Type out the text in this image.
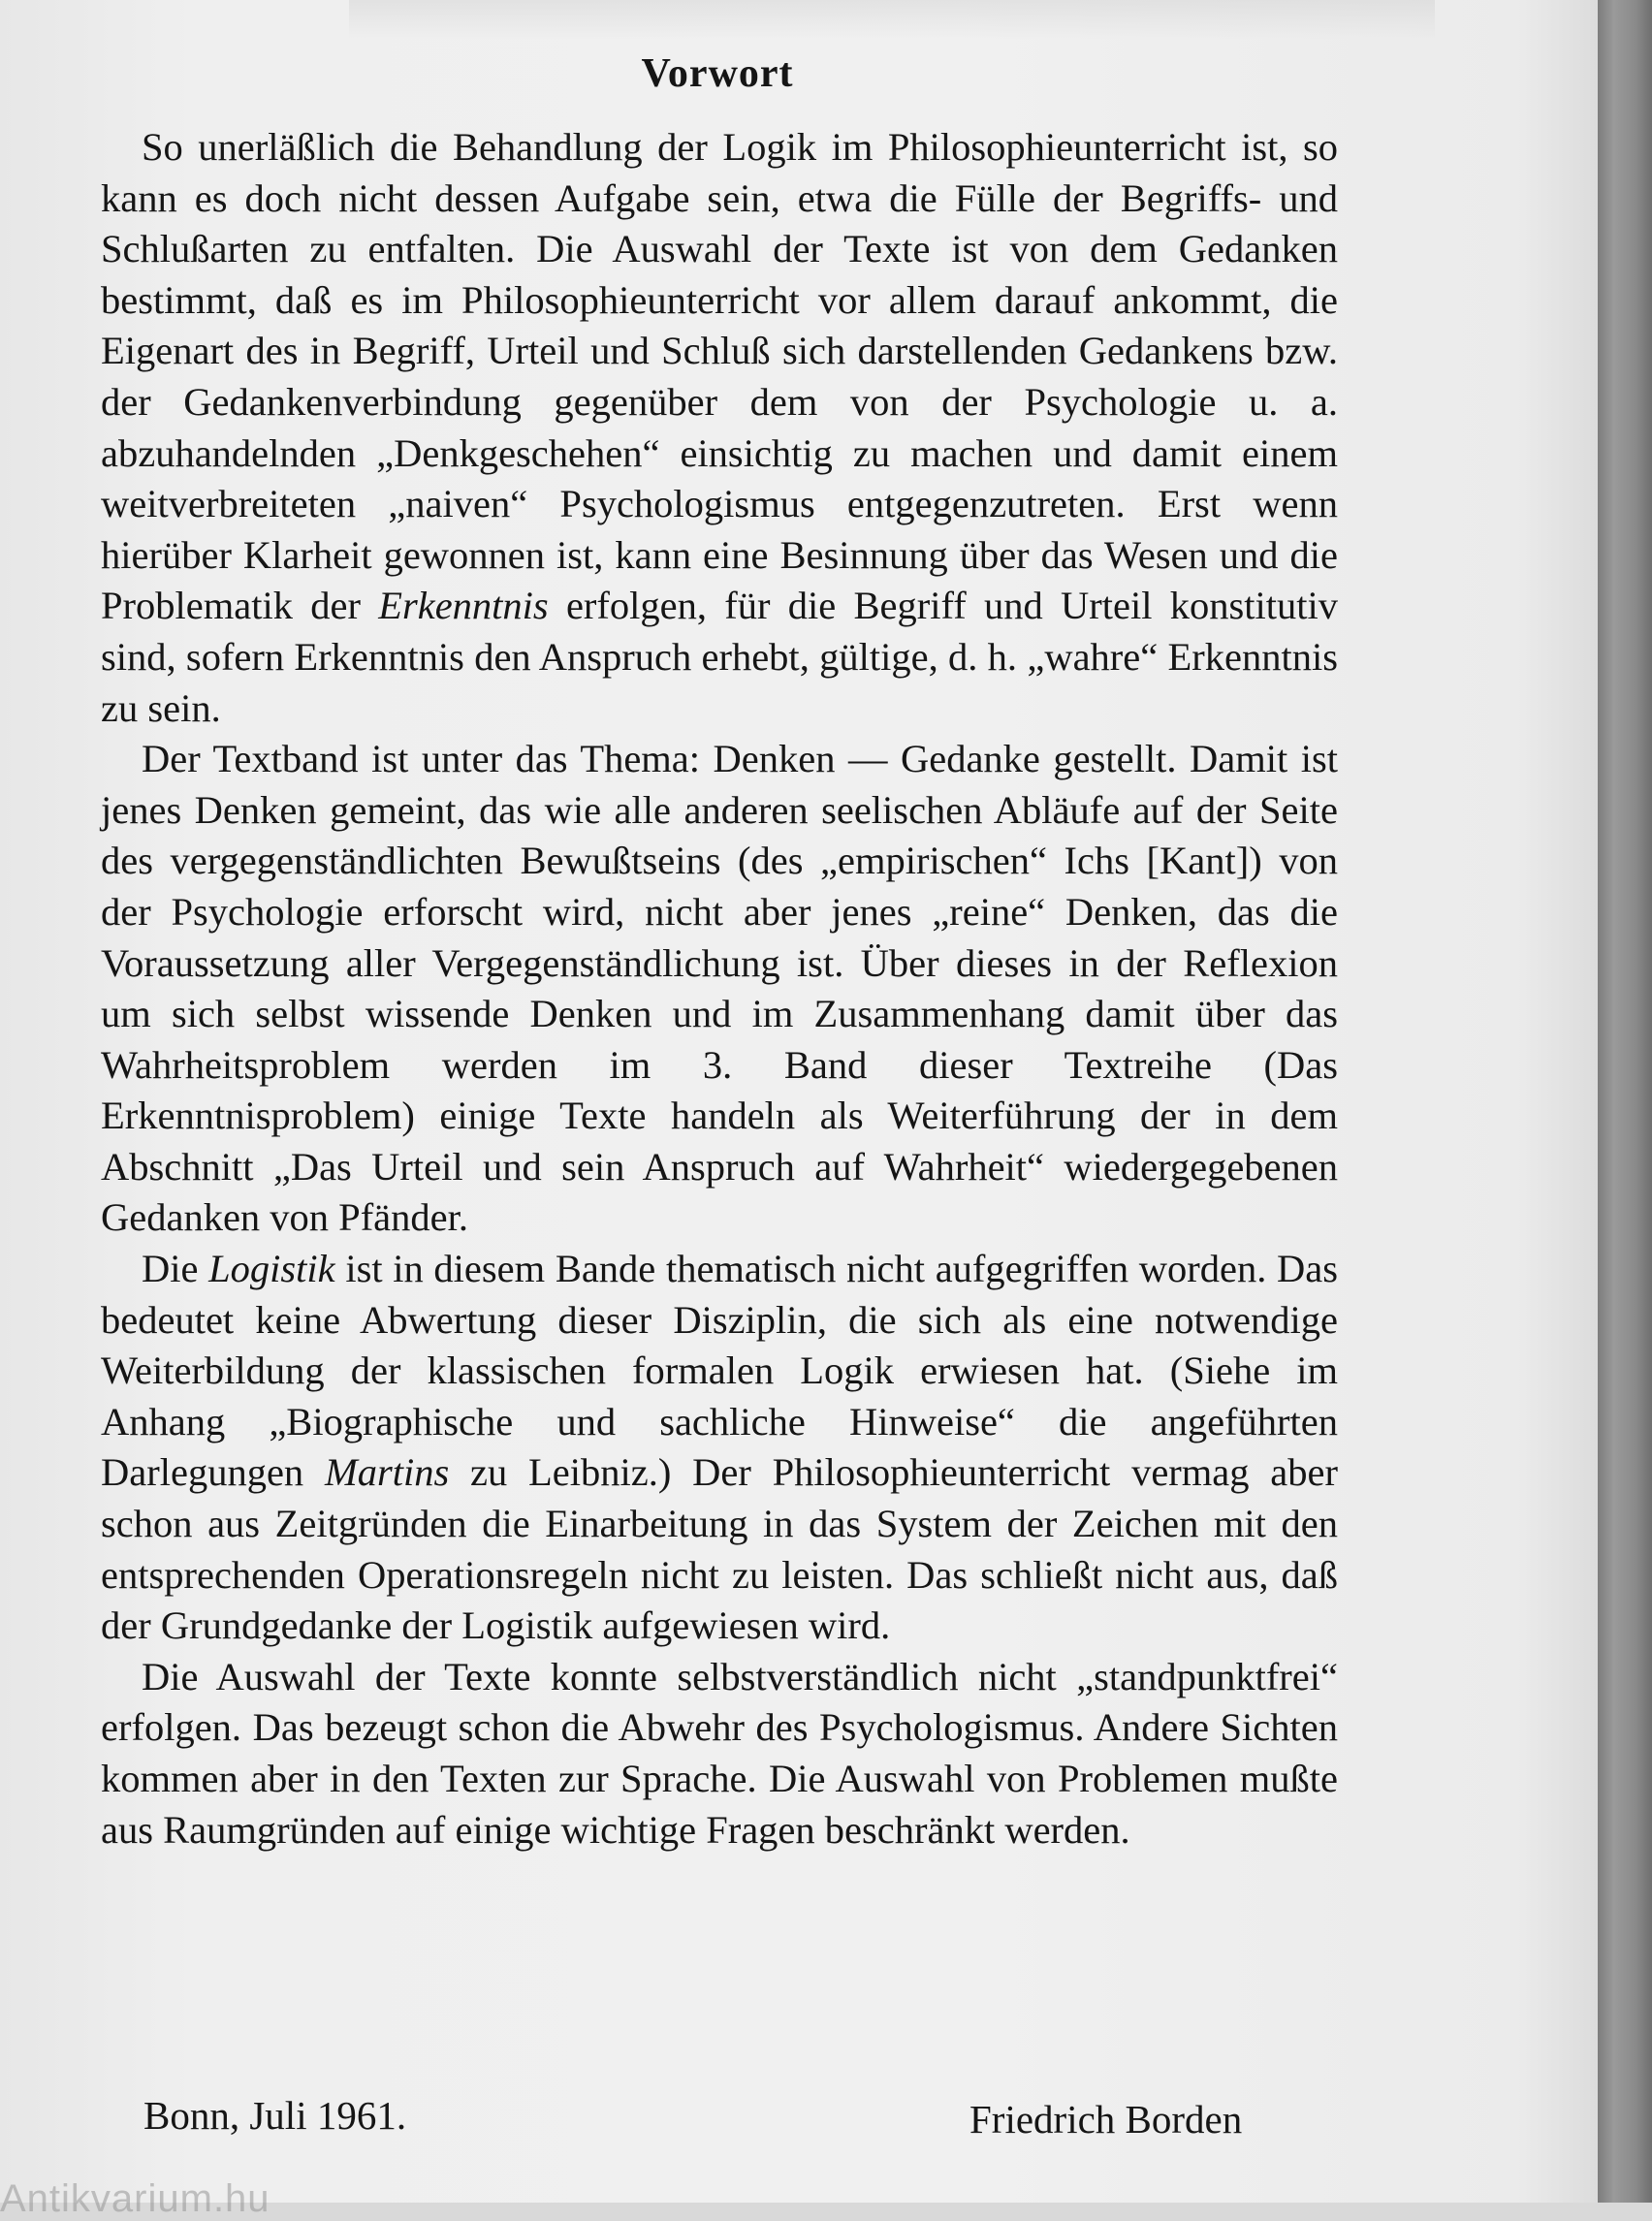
Vorwort

So unerläßlich die Behandlung der Logik im Philosophieunterricht ist, so kann es doch nicht dessen Aufgabe sein, etwa die Fülle der Begriffs- und Schlußarten zu entfalten. Die Auswahl der Texte ist von dem Gedanken bestimmt, daß es im Philosophieunterricht vor allem darauf ankommt, die Eigenart des in Begriff, Urteil und Schluß sich darstellenden Gedankens bzw. der Gedankenverbindung gegenüber dem von der Psychologie u. a. abzuhandelnden „Denkgeschehen“ einsichtig zu machen und damit einem weitverbreiteten „naiven“ Psychologismus entgegenzutreten. Erst wenn hierüber Klarheit gewonnen ist, kann eine Besinnung über das Wesen und die Problematik der Erkenntnis erfolgen, für die Begriff und Urteil konstitutiv sind, sofern Erkenntnis den Anspruch erhebt, gültige, d. h. „wahre“ Erkenntnis zu sein.

Der Textband ist unter das Thema: Denken — Gedanke gestellt. Damit ist jenes Denken gemeint, das wie alle anderen seelischen Abläufe auf der Seite des vergegenständlichten Bewußtseins (des „empirischen“ Ichs [Kant]) von der Psychologie erforscht wird, nicht aber jenes „reine“ Denken, das die Voraussetzung aller Vergegenständlichung ist. Über dieses in der Reflexion um sich selbst wissende Denken und im Zusammenhang damit über das Wahrheitsproblem werden im 3. Band dieser Textreihe (Das Erkenntnisproblem) einige Texte handeln als Weiterführung der in dem Abschnitt „Das Urteil und sein Anspruch auf Wahrheit“ wiedergegebenen Gedanken von Pfänder.

Die Logistik ist in diesem Bande thematisch nicht aufgegriffen worden. Das bedeutet keine Abwertung dieser Disziplin, die sich als eine notwendige Weiterbildung der klassischen formalen Logik erwiesen hat. (Siehe im Anhang „Biographische und sachliche Hinweise“ die angeführten Darlegungen Martins zu Leibniz.) Der Philosophieunterricht vermag aber schon aus Zeitgründen die Einarbeitung in das System der Zeichen mit den entsprechenden Operationsregeln nicht zu leisten. Das schließt nicht aus, daß der Grundgedanke der Logistik aufgewiesen wird.

Die Auswahl der Texte konnte selbstverständlich nicht „standpunktfrei“ erfolgen. Das bezeugt schon die Abwehr des Psychologismus. Andere Sichten kommen aber in den Texten zur Sprache. Die Auswahl von Problemen mußte aus Raumgründen auf einige wichtige Fragen beschränkt werden.

Bonn, Juli 1961.	Friedrich Borden
Antikvarium.hu
